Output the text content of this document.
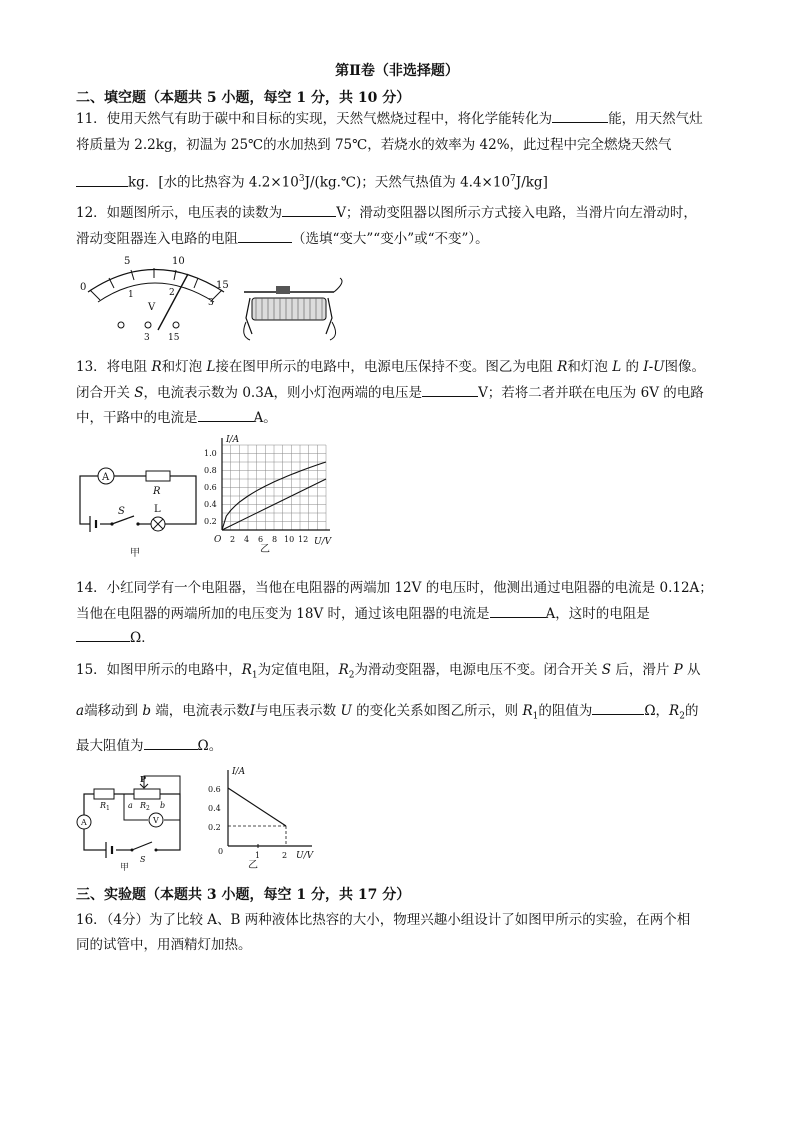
第Ⅱ卷（非选择题）
二、填空题（本题共 5 小题，每空 1 分，共 10 分）
11．使用天然气有助于碳中和目标的实现，天然气燃烧过程中，将化学能转化为	能，用天然气灶
将质量为 2.2kg，初温为 25℃的水加热到 75℃，若烧水的效率为 42%，此过程中完全燃烧天然气
kg．[水的比热容为 $4.2\times 10^3J/(kg.℃)$；天然气热值为 $4.4\times 10^7J/kg$]
12．如题图所示，电压表的读数为	V；滑动变阻器以图所示方式接入电路，当滑片向左滑动时，
滑动变阻器连入电路的电阻	（选填“变大”“变小”或“不变”）。
5	10
0	15
1	2
3
V
3 15
13．将电阻 R和灯泡 L接在图甲所示的电路中，电源电压保持不变。图乙为电阻 R和灯泡 L 的 I-U图像。
闭合开关 S，电流表示数为 0.3A，则小灯泡两端的电压是	V；若将二者并联在电压为 6V 的电路
中，干路中的电流是	A。
A
R
S	L
甲
I/A
1.0
0.8
0.6
0.4
0.2
O 2 4 6 8 10 12 U/V
乙
14．小红同学有一个电阻器，当他在电阻器的两端加 12V 的电压时，他测出通过电阻器的电流是 0.12A；
当他在电阻器的两端所加的电压变为 18V 时，通过该电阻器的电流是	A，这时的电阻是
Ω．
15．如图甲所示的电路中，$R_1$为定值电阻，$R_2$为滑动变阻器，电源电压不变。闭合开关 S 后，滑片 P 从
a端移动到 b 端，电流表示数I与电压表示数 U 的变化关系如图乙所示，则 $R_1$的阻值为	Ω，$R_2$的
最大阻值为	Ω。
R 1
P
a R 2 b
A	V
S
甲
I/A
0.6
0.4
0.2
0	1	2 U/V
乙
三、实验题（本题共 3 小题，每空 1 分，共 17 分）
16．（4分）为了比较 A、B 两种液体比热容的大小，物理兴趣小组设计了如图甲所示的实验，在两个相
同的试管中，用酒精灯加热。
